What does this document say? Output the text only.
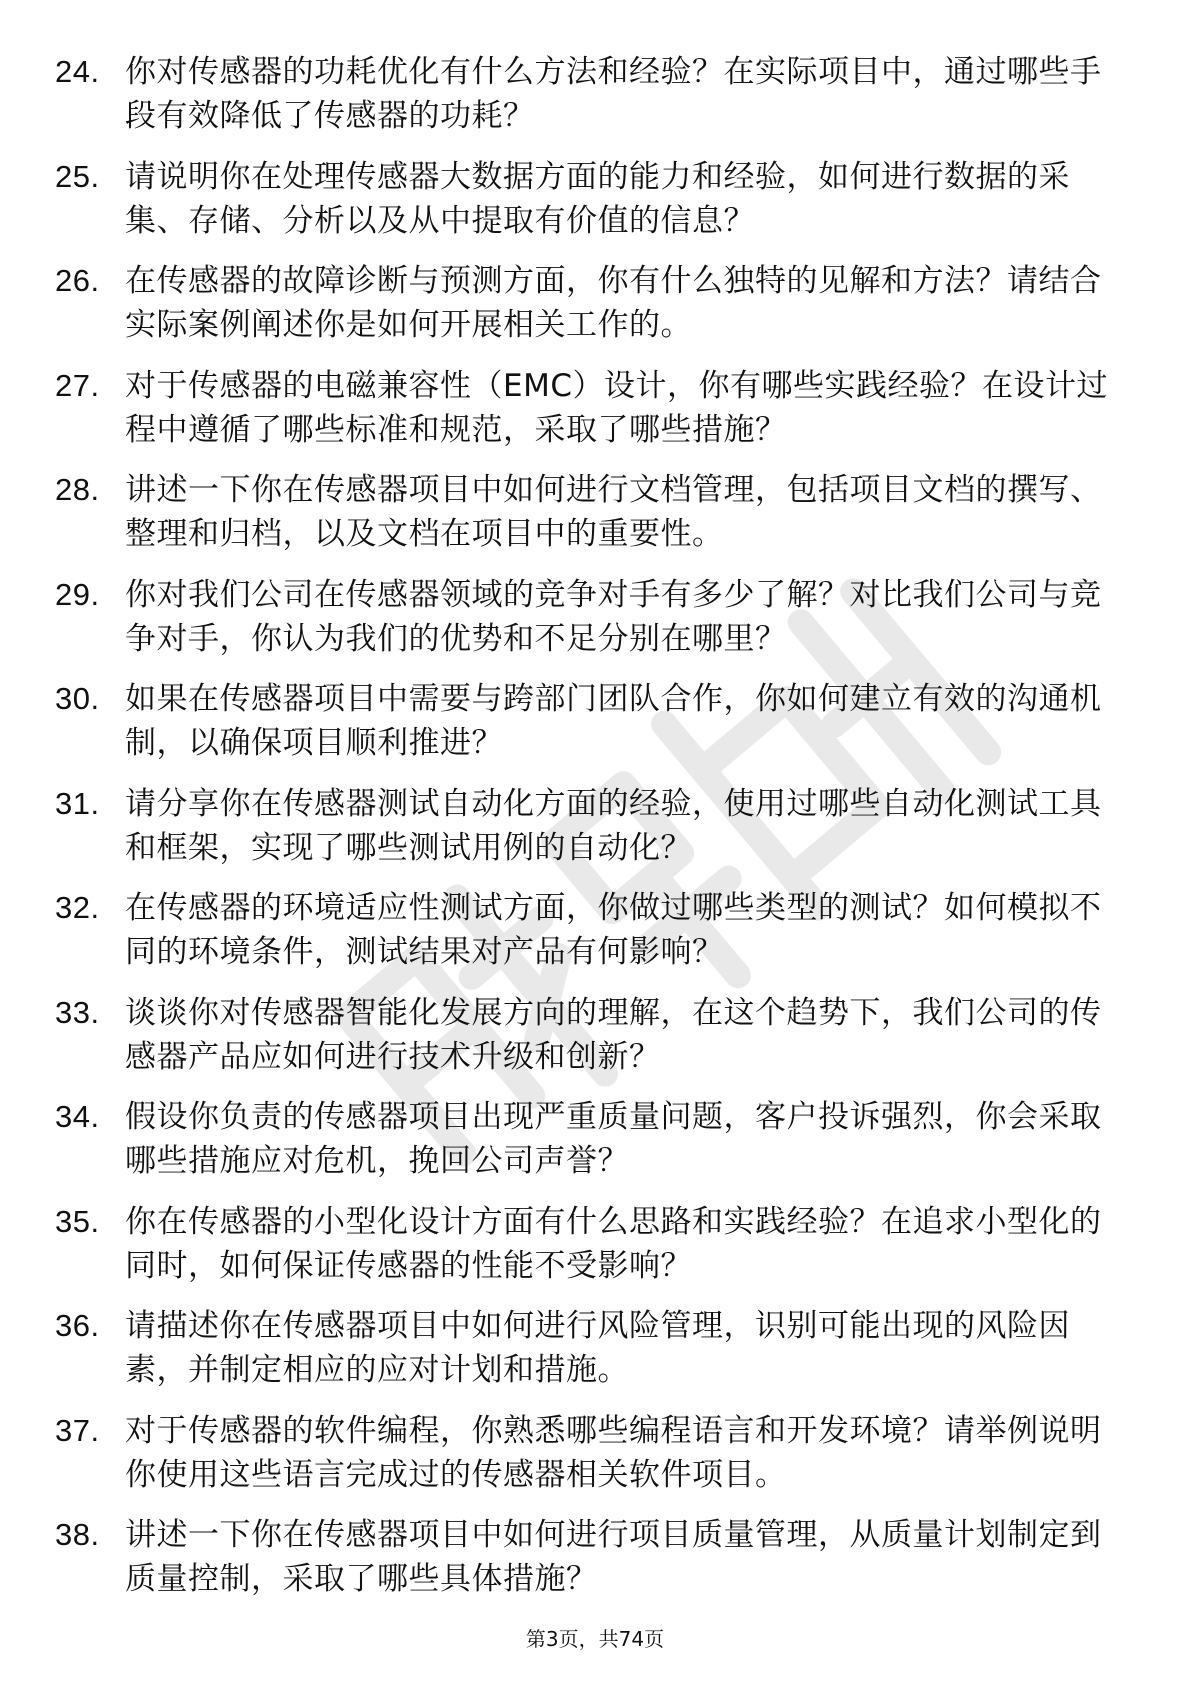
24. 你对传感器的功耗优化有什么方法和经验？在实际项目中，通过哪些手段有效降低了传感器的功耗？
25. 请说明你在处理传感器大数据方面的能力和经验，如何进行数据的采集、存储、分析以及从中提取有价值的信息？
26. 在传感器的故障诊断与预测方面，你有什么独特的见解和方法？请结合实际案例阐述你是如何开展相关工作的。
27. 对于传感器的电磁兼容性（EMC）设计，你有哪些实践经验？在设计过程中遵循了哪些标准和规范，采取了哪些措施？
28. 讲述一下你在传感器项目中如何进行文档管理，包括项目文档的撰写、整理和归档，以及文档在项目中的重要性。
29. 你对我们公司在传感器领域的竞争对手有多少了解？对比我们公司与竞争对手，你认为我们的优势和不足分别在哪里？
30. 如果在传感器项目中需要与跨部门团队合作，你如何建立有效的沟通机制，以确保项目顺利推进？
31. 请分享你在传感器测试自动化方面的经验，使用过哪些自动化测试工具和框架，实现了哪些测试用例的自动化？
32. 在传感器的环境适应性测试方面，你做过哪些类型的测试？如何模拟不同的环境条件，测试结果对产品有何影响？
33. 谈谈你对传感器智能化发展方向的理解，在这个趋势下，我们公司的传感器产品应如何进行技术升级和创新？
34. 假设你负责的传感器项目出现严重质量问题，客户投诉强烈，你会采取哪些措施应对危机，挽回公司声誉？
35. 你在传感器的小型化设计方面有什么思路和实践经验？在追求小型化的同时，如何保证传感器的性能不受影响？
36. 请描述你在传感器项目中如何进行风险管理，识别可能出现的风险因素，并制定相应的应对计划和措施。
37. 对于传感器的软件编程，你熟悉哪些编程语言和开发环境？请举例说明你使用这些语言完成过的传感器相关软件项目。
38. 讲述一下你在传感器项目中如何进行项目质量管理，从质量计划制定到质量控制，采取了哪些具体措施？
第3页，共74页
